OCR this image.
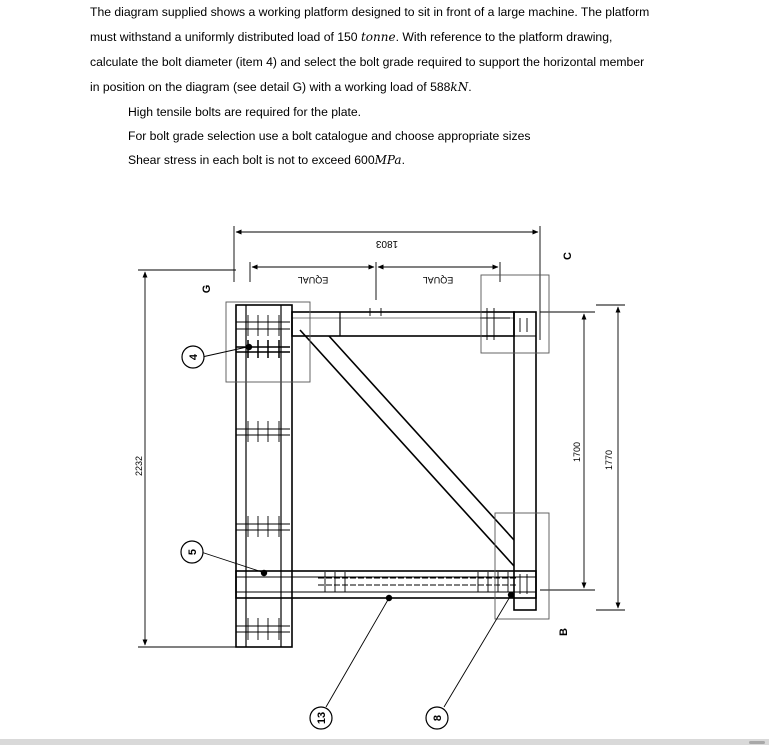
The diagram supplied shows a working platform designed to sit in front of a large machine. The platform
must withstand a uniformly distributed load of 150 tonne. With reference to the platform drawing,
calculate the bolt diameter (item 4) and select the bolt grade required to support the horizontal member
in position on the diagram (see detail G) with a working load of 588kN.
High tensile bolts are required for the plate.
For bolt grade selection use a bolt catalogue and choose appropriate sizes
Shear stress in each bolt is not to exceed 600MPa.
1803
EQUAL	EQUAL
2232
1700 1770
4
5
13	8
G
C
B
